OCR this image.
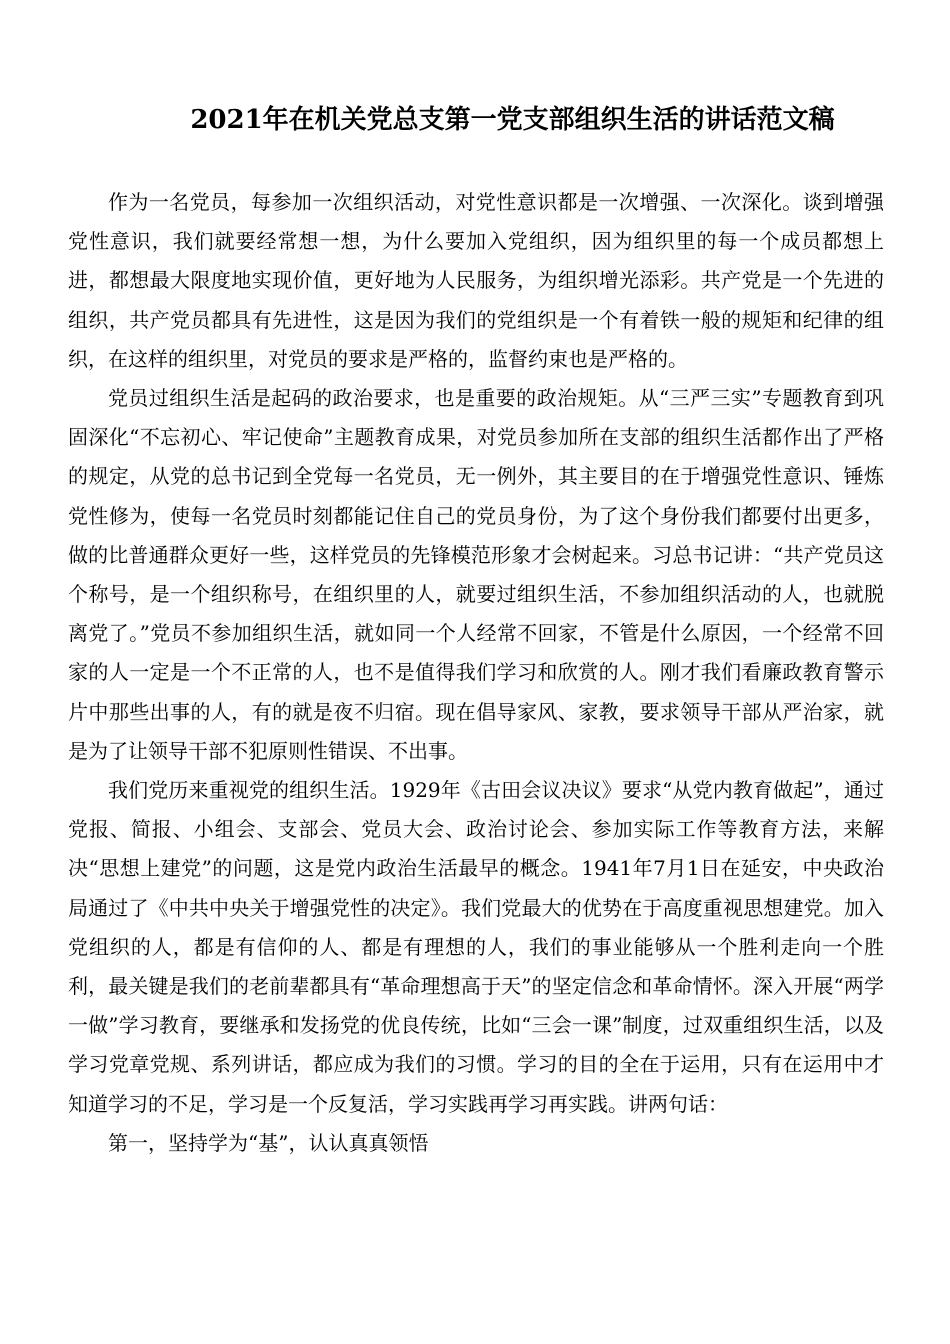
2021年在机关党总支第一党支部组织生活的讲话范文稿

作为一名党员，每参加一次组织活动，对党性意识都是一次增强、一次深化。谈到增强党性意识，我们就要经常想一想，为什么要加入党组织，因为组织里的每一个成员都想上进，都想最大限度地实现价值，更好地为人民服务，为组织增光添彩。共产党是一个先进的组织，共产党员都具有先进性，这是因为我们的党组织是一个有着铁一般的规矩和纪律的组织，在这样的组织里，对党员的要求是严格的，监督约束也是严格的。

党员过组织生活是起码的政治要求，也是重要的政治规矩。从“三严三实”专题教育到巩固深化“不忘初心、牢记使命”主题教育成果，对党员参加所在支部的组织生活都作出了严格的规定，从党的总书记到全党每一名党员，无一例外，其主要目的在于增强党性意识、锤炼党性修为，使每一名党员时刻都能记住自己的党员身份，为了这个身份我们都要付出更多，做的比普通群众更好一些，这样党员的先锋模范形象才会树起来。习总书记讲：“共产党员这个称号，是一个组织称号，在组织里的人，就要过组织生活，不参加组织活动的人，也就脱离党了。”党员不参加组织生活，就如同一个人经常不回家，不管是什么原因，一个经常不回家的人一定是一个不正常的人，也不是值得我们学习和欣赏的人。刚才我们看廉政教育警示片中那些出事的人，有的就是夜不归宿。现在倡导家风、家教，要求领导干部从严治家，就是为了让领导干部不犯原则性错误、不出事。

我们党历来重视党的组织生活。1929年《古田会议决议》要求“从党内教育做起”，通过党报、简报、小组会、支部会、党员大会、政治讨论会、参加实际工作等教育方法，来解决“思想上建党”的问题，这是党内政治生活最早的概念。1941年7月1日在延安，中央政治局通过了《中共中央关于增强党性的决定》。我们党最大的优势在于高度重视思想建党。加入党组织的人，都是有信仰的人、都是有理想的人，我们的事业能够从一个胜利走向一个胜利，最关键是我们的老前辈都具有“革命理想高于天”的坚定信念和革命情怀。深入开展“两学一做”学习教育，要继承和发扬党的优良传统，比如“三会一课”制度，过双重组织生活，以及学习党章党规、系列讲话，都应成为我们的习惯。学习的目的全在于运用，只有在运用中才知道学习的不足，学习是一个反复活，学习实践再学习再实践。讲两句话：

第一，坚持学为“基”，认认真真领悟
